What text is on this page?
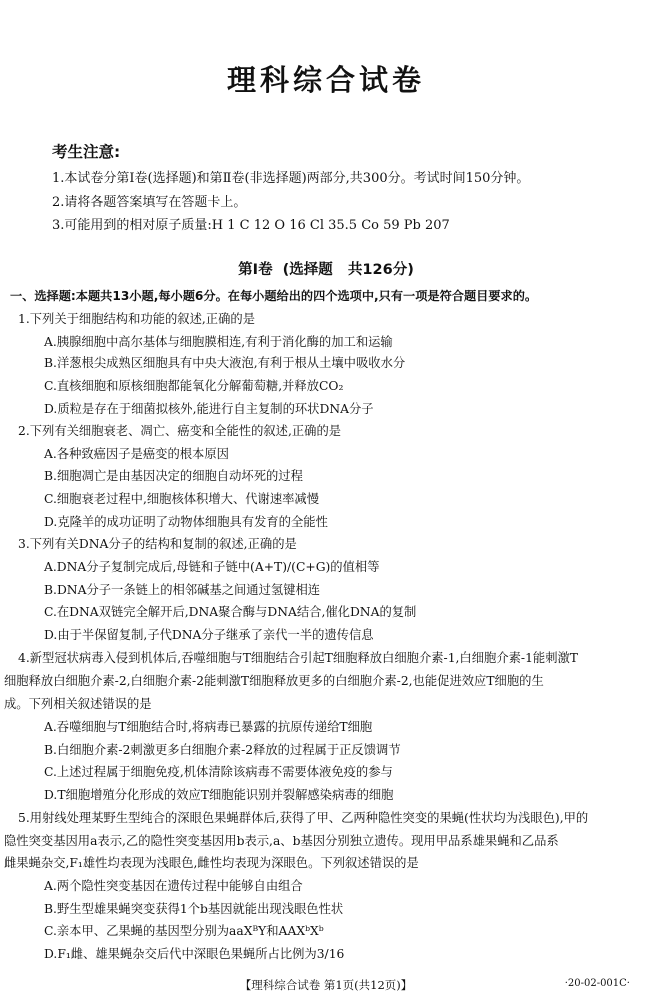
理科综合试卷
考生注意:
1.本试卷分第Ⅰ卷(选择题)和第Ⅱ卷(非选择题)两部分,共300分。考试时间150分钟。
2.请将各题答案填写在答题卡上。
3.可能用到的相对原子质量:H 1 C 12 O 16 Cl 35.5 Co 59 Pb 207
第Ⅰ卷  (选择题   共126分)
一、选择题:本题共13小题,每小题6分。在每小题给出的四个选项中,只有一项是符合题目要求的。
1.下列关于细胞结构和功能的叙述,正确的是
A.胰腺细胞中高尔基体与细胞膜相连,有利于消化酶的加工和运输
B.洋葱根尖成熟区细胞具有中央大液泡,有利于根从土壤中吸收水分
C.直核细胞和原核细胞都能氧化分解葡萄糖,并释放CO₂
D.质粒是存在于细菌拟核外,能进行自主复制的环状DNA分子
2.下列有关细胞衰老、凋亡、癌变和全能性的叙述,正确的是
A.各种致癌因子是癌变的根本原因
B.细胞凋亡是由基因决定的细胞自动坏死的过程
C.细胞衰老过程中,细胞核体积增大、代谢速率减慢
D.克隆羊的成功证明了动物体细胞具有发育的全能性
3.下列有关DNA分子的结构和复制的叙述,正确的是
A.DNA分子复制完成后,母链和子链中(A+T)/(C+G)的值相等
B.DNA分子一条链上的相邻碱基之间通过氢键相连
C.在DNA双链完全解开后,DNA聚合酶与DNA结合,催化DNA的复制
D.由于半保留复制,子代DNA分子继承了亲代一半的遗传信息
4.新型冠状病毒入侵到机体后,吞噬细胞与T细胞结合引起T细胞释放白细胞介素-1,白细胞介素-1能刺激T
细胞释放白细胞介素-2,白细胞介素-2能刺激T细胞释放更多的白细胞介素-2,也能促进效应T细胞的生
成。下列相关叙述错误的是
A.吞噬细胞与T细胞结合时,将病毒已暴露的抗原传递给T细胞
B.白细胞介素-2刺激更多白细胞介素-2释放的过程属于正反馈调节
C.上述过程属于细胞免疫,机体清除该病毒不需要体液免疫的参与
D.T细胞增殖分化形成的效应T细胞能识别并裂解感染病毒的细胞
5.用射线处理某野生型纯合的深眼色果蝇群体后,获得了甲、乙两种隐性突变的果蝇(性状均为浅眼色),甲的
隐性突变基因用a表示,乙的隐性突变基因用b表示,a、b基因分别独立遗传。现用甲品系雄果蝇和乙品系
雌果蝇杂交,F₁雄性均表现为浅眼色,雌性均表现为深眼色。下列叙述错误的是
A.两个隐性突变基因在遗传过程中能够自由组合
B.野生型雄果蝇突变获得1个b基因就能出现浅眼色性状
C.亲本甲、乙果蝇的基因型分别为aaXᴮY和AAXᵇXᵇ
D.F₁雌、雄果蝇杂交后代中深眼色果蝇所占比例为3/16
【理科综合试卷 第1页(共12页)】	·20-02-001C·
